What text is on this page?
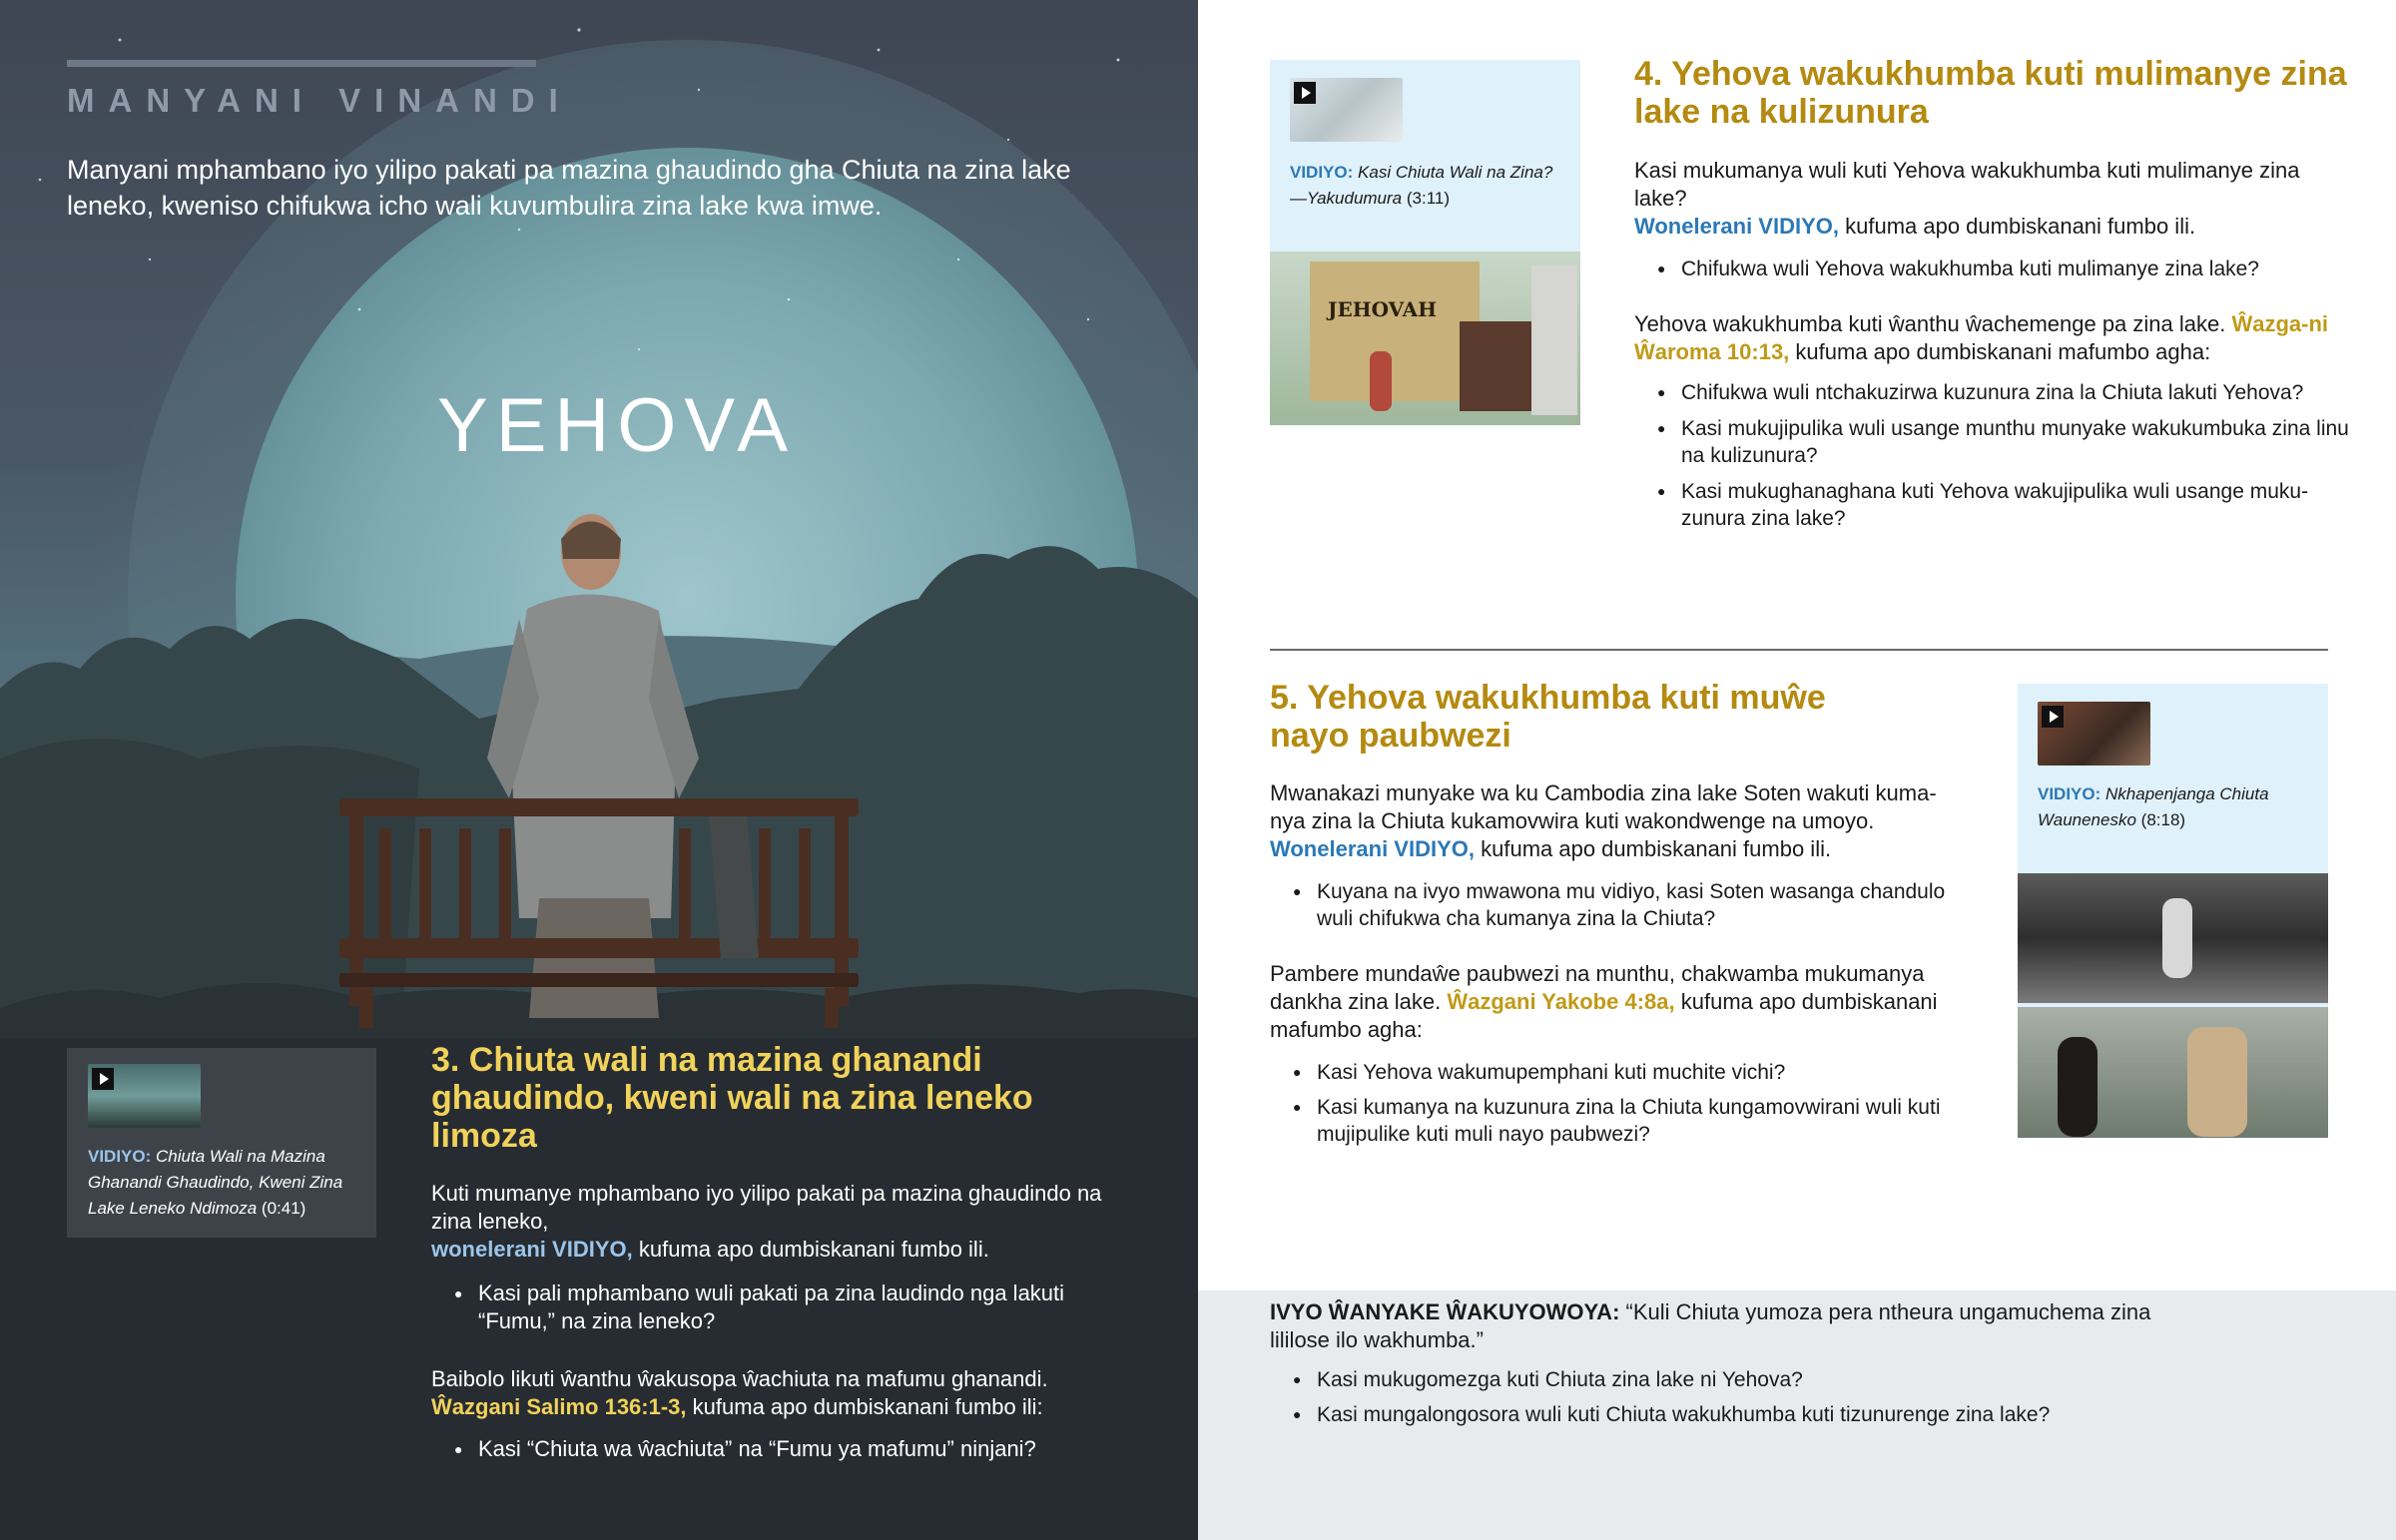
MANYANI VINANDI
Manyani mphambano iyo yilipo pakati pa mazina ghaudindo gha Chiuta na zina lake leneko, kweniso chifukwa icho wali kuvumbulira zina lake kwa imwe.
YEHOVA
VIDIYO: Chiuta Wali na Mazina Ghanandi Ghaudindo, Kweni Zina Lake Leneko Ndimoza (0:41)
3. Chiuta wali na mazina ghanandi ghaudindo, kweni wali na zina leneko limoza
Kuti mumanye mphambano iyo yilipo pakati pa mazina ghaudindo na zina leneko,
wonelerani VIDIYO, kufuma apo dumbiskanani fumbo ili.
● Kasi pali mphambano wuli pakati pa zina laudindo nga lakuti “Fumu,” na zina leneko?
Baibolo likuti ŵanthu ŵakusopa ŵachiuta na mafumu ghanandi.
Ŵazgani Salimo 136:1-3, kufuma apo dumbiskanani fumbo ili:
● Kasi “Chiuta wa ŵachiuta” na “Fumu ya mafumu” ninjani?
VIDIYO: Kasi Chiuta Wali na Zina?—Yakudumura (3:11)
JEHOVAH
4. Yehova wakukhumba kuti mulimanye zina lake na kulizunura
Kasi mukumanya wuli kuti Yehova wakukhumba kuti mulimanye zina lake?
Wonelerani VIDIYO, kufuma apo dumbiskanani fumbo ili.
● Chifukwa wuli Yehova wakukhumba kuti mulimanye zina lake?
Yehova wakukhumba kuti ŵanthu ŵachemenge pa zina lake. Ŵazga-ni Ŵaroma 10:13, kufuma apo dumbiskanani mafumbo agha:
● Chifukwa wuli ntchakuzirwa kuzunura zina la Chiuta lakuti Yehova?
● Kasi mukujipulika wuli usange munthu munyake wakukumbuka zina linu na kulizunura?
● Kasi mukughanaghana kuti Yehova wakujipulika wuli usange muku-zunura zina lake?
5. Yehova wakukhumba kuti muŵe nayo paubwezi
VIDIYO: Nkhapenjanga Chiuta Waunenesko (8:18)
Mwanakazi munyake wa ku Cambodia zina lake Soten wakuti kuma-nya zina la Chiuta kukamovwira kuti wakondwenge na umoyo.
Wonelerani VIDIYO, kufuma apo dumbiskanani fumbo ili.
● Kuyana na ivyo mwawona mu vidiyo, kasi Soten wasanga chandulo wuli chifukwa cha kumanya zina la Chiuta?
Pambere mundaŵe paubwezi na munthu, chakwamba mukumanya dankha zina lake. Ŵazgani Yakobe 4:8a, kufuma apo dumbiskanani mafumbo agha:
● Kasi Yehova wakumupemphani kuti muchite vichi?
● Kasi kumanya na kuzunura zina la Chiuta kungamovwirani wuli kuti mujipulike kuti muli nayo paubwezi?
IVYO ŴANYAKE ŴAKUYOWOYA: “Kuli Chiuta yumoza pera ntheura ungamuchema zina lililose ilo wakhumba.”
● Kasi mukugomezga kuti Chiuta zina lake ni Yehova?
● Kasi mungalongosora wuli kuti Chiuta wakukhumba kuti tizunurenge zina lake?
